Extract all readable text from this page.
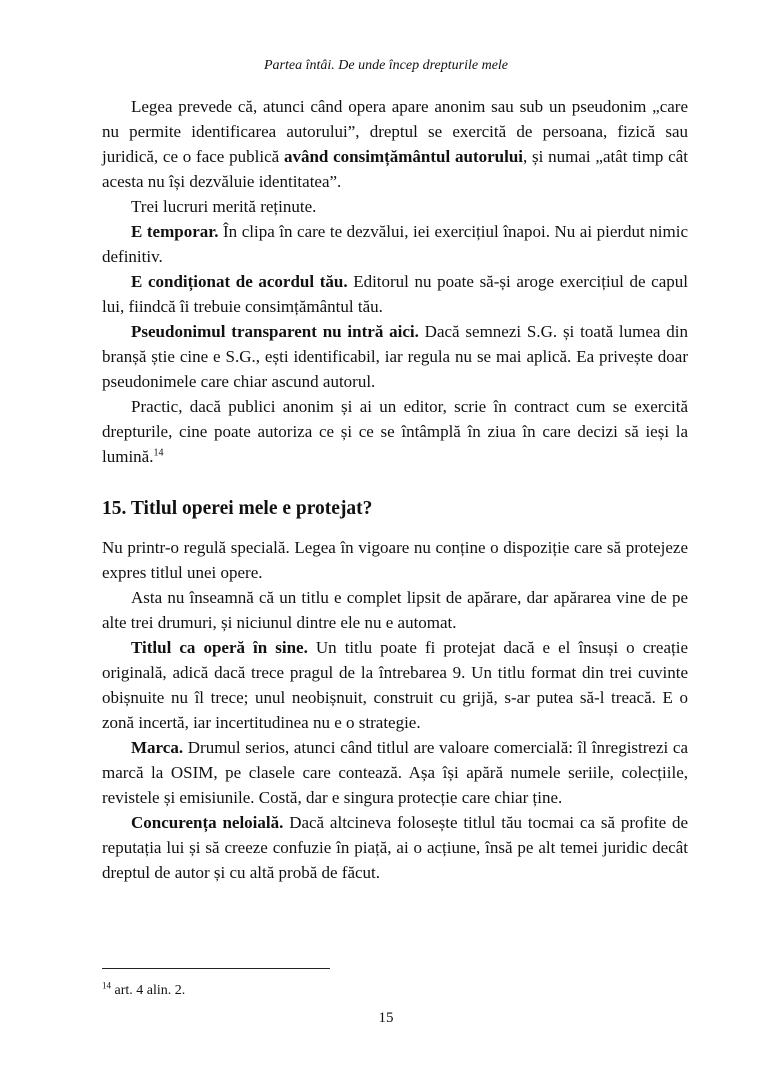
Partea întâi. De unde încep drepturile mele

Legea prevede că, atunci când opera apare anonim sau sub un pseudonim „care nu permite identificarea autorului”, dreptul se exercită de persoana, fizică sau juridică, ce o face publică având consimțământul autorului, și numai „atât timp cât acesta nu își dezvăluie identitatea”.

Trei lucruri merită reținute.

E temporar. În clipa în care te dezvălui, iei exercițiul înapoi. Nu ai pierdut nimic definitiv.

E condiționat de acordul tău. Editorul nu poate să-și aroge exercițiul de capul lui, fiindcă îi trebuie consimțământul tău.

Pseudonimul transparent nu intră aici. Dacă semnezi S.G. și toată lumea din branșă știe cine e S.G., ești identificabil, iar regula nu se mai aplică. Ea privește doar pseudonimele care chiar ascund autorul.

Practic, dacă publici anonim și ai un editor, scrie în contract cum se exercită drepturile, cine poate autoriza ce și ce se întâmplă în ziua în care decizi să ieși la lumină.$^{14}$

15. Titlul operei mele e protejat?

Nu printr-o regulă specială. Legea în vigoare nu conține o dispoziție care să protejeze expres titlul unei opere.

Asta nu înseamnă că un titlu e complet lipsit de apărare, dar apărarea vine de pe alte trei drumuri, și niciunul dintre ele nu e automat.

Titlul ca operă în sine. Un titlu poate fi protejat dacă e el însuși o creație originală, adică dacă trece pragul de la întrebarea 9. Un titlu format din trei cuvinte obișnuite nu îl trece; unul neobișnuit, construit cu grijă, s-ar putea să-l treacă. E o zonă incertă, iar incertitudinea nu e o strategie.

Marca. Drumul serios, atunci când titlul are valoare comercială: îl înregistrezi ca marcă la OSIM, pe clasele care contează. Așa își apără numele seriile, colecțiile, revistele și emisiunile. Costă, dar e singura protecție care chiar ține.

Concurența neloială. Dacă altcineva folosește titlul tău tocmai ca să profite de reputația lui și să creeze confuzie în piață, ai o acțiune, însă pe alt temei juridic decât dreptul de autor și cu altă probă de făcut.

$^{14}$ art. 4 alin. 2.
15
